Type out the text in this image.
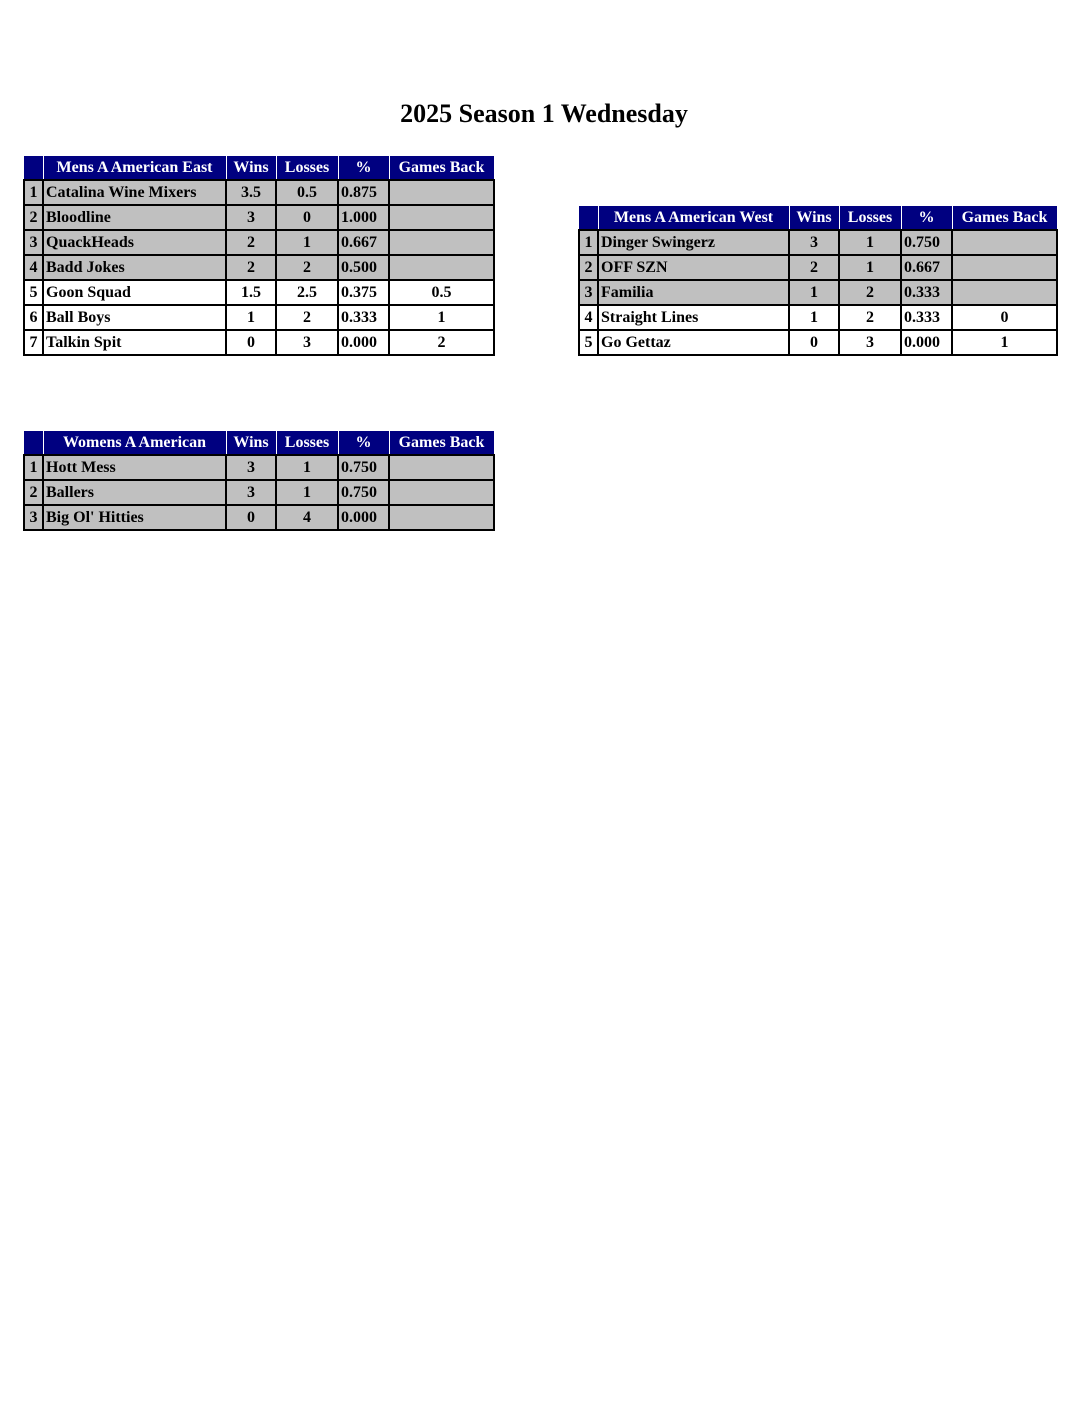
2025 Season 1 Wednesday
	Mens A American East	Wins	Losses	%	Games Back
1	Catalina Wine Mixers	3.5	0.5	0.875	
2	Bloodline	3	0	1.000	
3	QuackHeads	2	1	0.667	
4	Badd Jokes	2	2	0.500	
5	Goon Squad	1.5	2.5	0.375	0.5
6	Ball Boys	1	2	0.333	1
7	Talkin Spit	0	3	0.000	2
	Mens A American West	Wins	Losses	%	Games Back
1	Dinger Swingerz	3	1	0.750	
2	OFF SZN	2	1	0.667	
3	Familia	1	2	0.333	
4	Straight Lines	1	2	0.333	0
5	Go Gettaz	0	3	0.000	1
	Womens A American	Wins	Losses	%	Games Back
1	Hott Mess	3	1	0.750	
2	Ballers	3	1	0.750	
3	Big Ol' Hitties	0	4	0.000	
